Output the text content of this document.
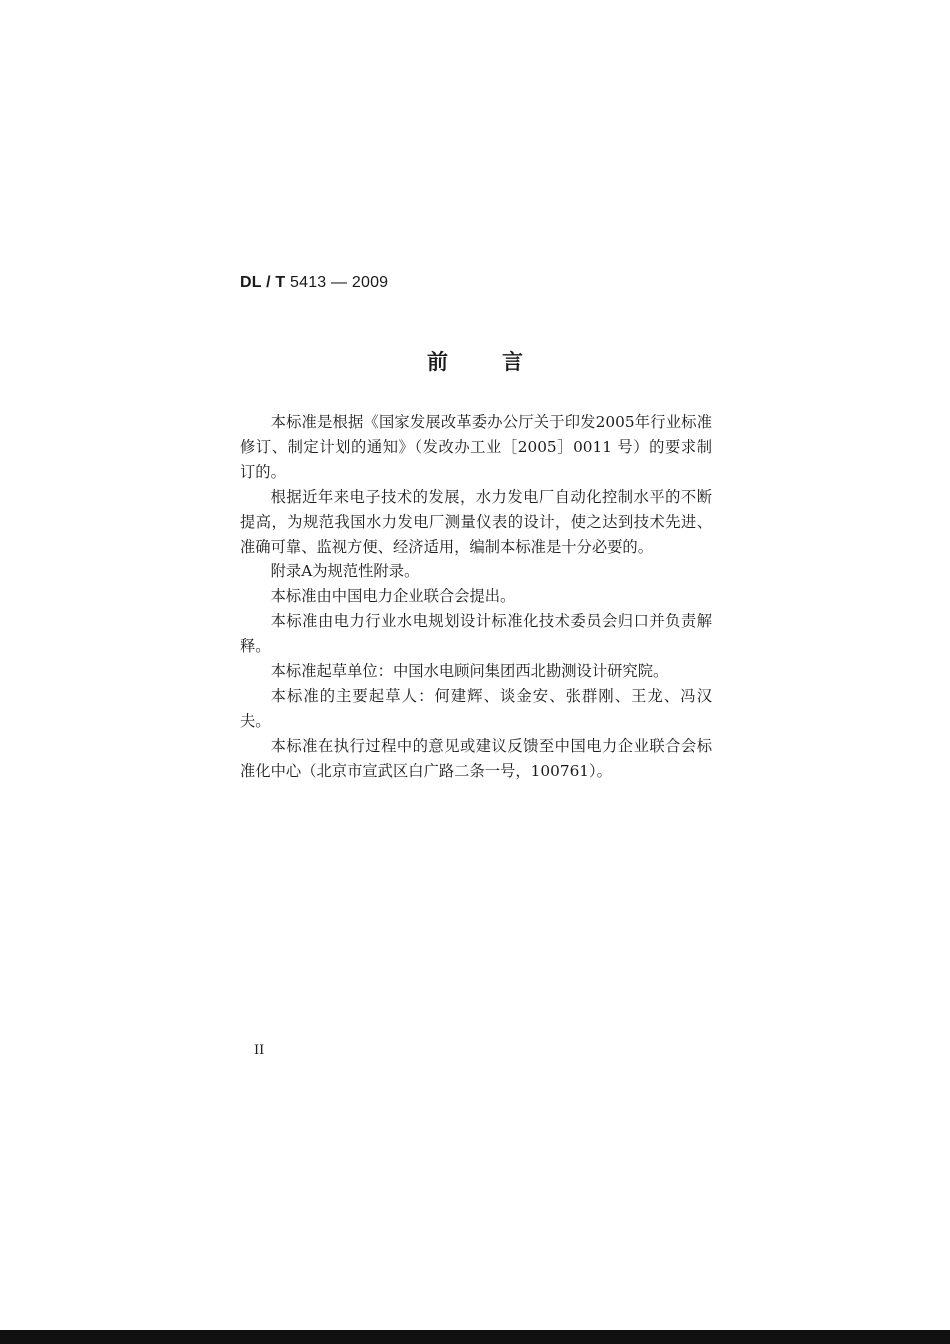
DL / T 5413 — 2009
前言

本标准是根据《国家发展改革委办公厅关于印发2005年行业标准修订、制定计划的通知》（发改办工业［2005］0011 号）的要求制订的。

根据近年来电子技术的发展，水力发电厂自动化控制水平的不断提高，为规范我国水力发电厂测量仪表的设计，使之达到技术先进、准确可靠、监视方便、经济适用，编制本标准是十分必要的。

附录A为规范性附录。

本标准由中国电力企业联合会提出。

本标准由电力行业水电规划设计标准化技术委员会归口并负责解释。

本标准起草单位：中国水电顾问集团西北勘测设计研究院。

本标准的主要起草人：何建辉、谈金安、张群刚、王龙、冯汉夫。

本标准在执行过程中的意见或建议反馈至中国电力企业联合会标准化中心（北京市宣武区白广路二条一号，100761）。

II
